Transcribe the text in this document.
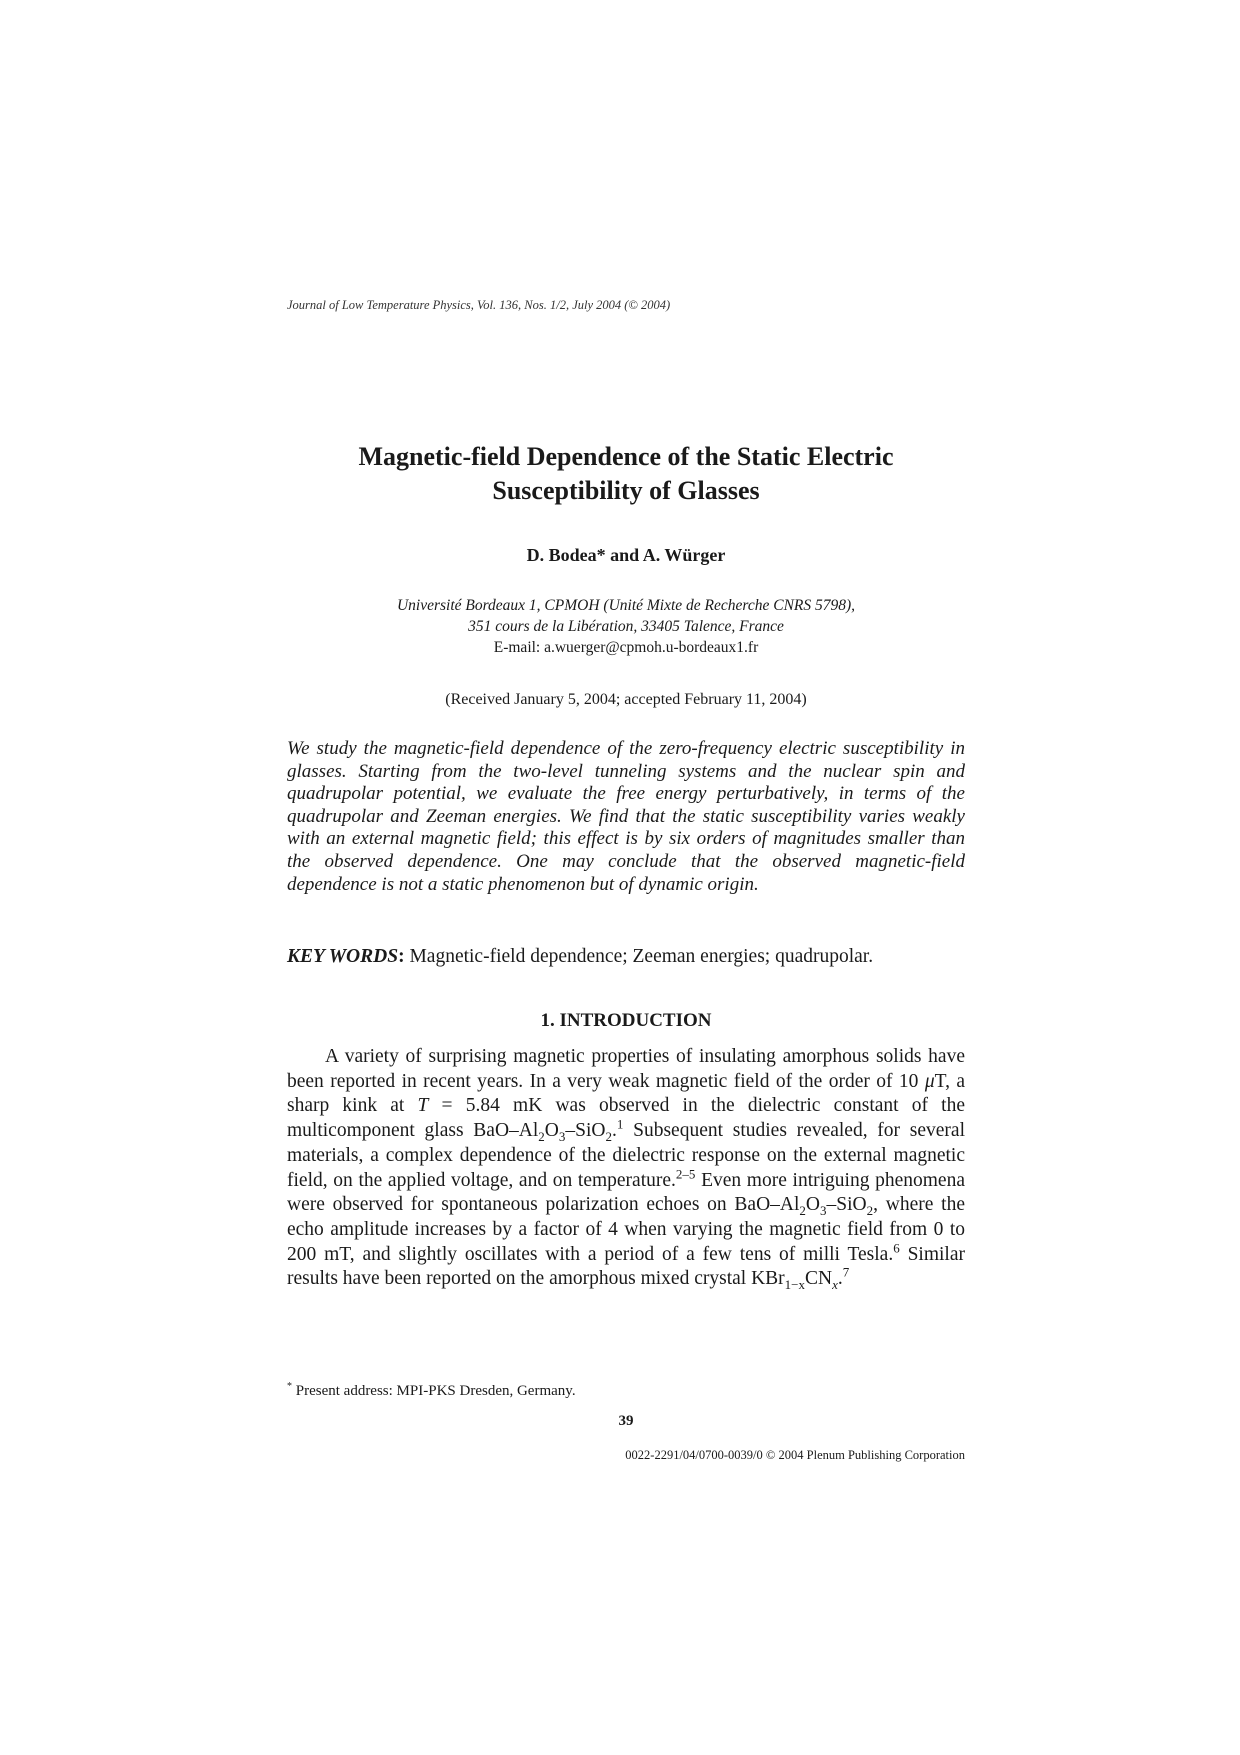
Journal of Low Temperature Physics, Vol. 136, Nos. 1/2, July 2004 (© 2004)
Magnetic-field Dependence of the Static Electric
Susceptibility of Glasses
D. Bodea* and A. Würger
Université Bordeaux 1, CPMOH (Unité Mixte de Recherche CNRS 5798),
351 cours de la Libération, 33405 Talence, France
E-mail: a.wuerger@cpmoh.u-bordeaux1.fr
(Received January 5, 2004; accepted February 11, 2004)
We study the magnetic-field dependence of the zero-frequency electric susceptibility in glasses. Starting from the two-level tunneling systems and the nuclear spin and quadrupolar potential, we evaluate the free energy perturbatively, in terms of the quadrupolar and Zeeman energies. We find that the static susceptibility varies weakly with an external magnetic field; this effect is by six orders of magnitudes smaller than the observed dependence. One may conclude that the observed magnetic-field dependence is not a static phenomenon but of dynamic origin.
KEY WORDS: Magnetic-field dependence; Zeeman energies; quadrupolar.
1. INTRODUCTION
A variety of surprising magnetic properties of insulating amorphous solids have been reported in recent years. In a very weak magnetic field of the order of 10 μT, a sharp kink at T = 5.84 mK was observed in the dielectric constant of the multicomponent glass BaO–$Al_2O_3-SiO_2.^1$ Subsequent studies revealed, for several materials, a complex dependence of the dielectric response on the external magnetic field, on the applied voltage, and on temperature.$^{2-5}$ Even more intriguing phenomena were observed for spontaneous polarization echoes on BaO–$Al_2O_3-SiO_2$, where the echo amplitude increases by a factor of 4 when varying the magnetic field from 0 to 200 mT, and slightly oscillates with a period of a few tens of milli Tesla.$^6$ Similar results have been reported on the amorphous mixed crystal $KBr_{1-x}CN_x.^7$
* Present address: MPI-PKS Dresden, Germany.
39
0022-2291/04/0700-0039/0 © 2004 Plenum Publishing Corporation
